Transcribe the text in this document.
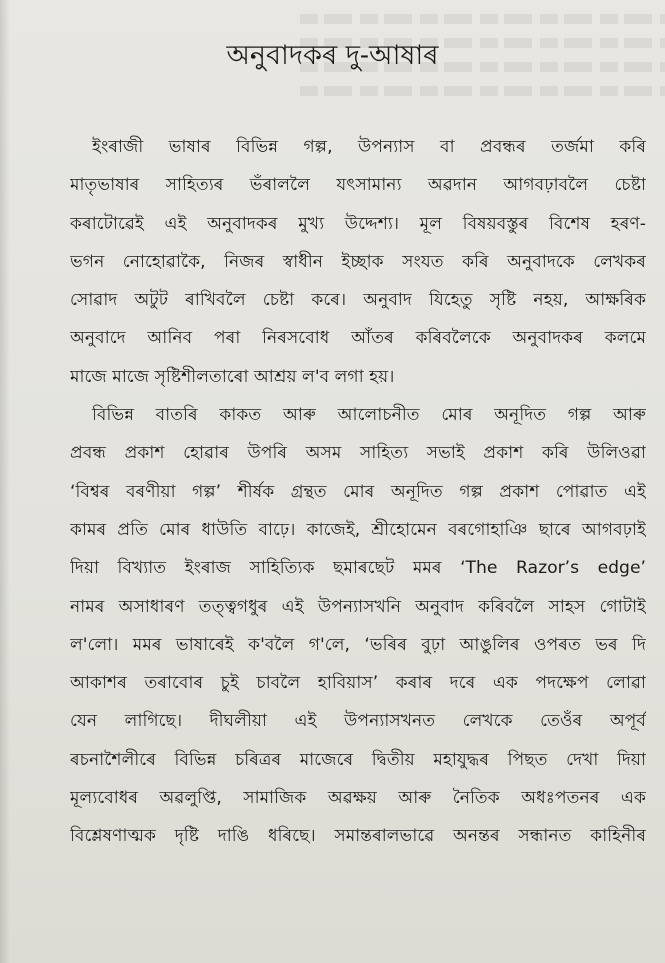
অনুবাদকৰ দু-আষাৰ
ইংৰাজী ভাষাৰ বিভিন্ন গল্প, উপন্যাস বা প্ৰবন্ধৰ তৰ্জমা কৰি
মাতৃভাষাৰ সাহিত্যৰ ভঁৰাললৈ যৎসামান্য অৱদান আগবঢ়াবলৈ চেষ্টা
কৰাটোৱেই এই অনুবাদকৰ মুখ্য উদ্দেশ্য। মূল বিষয়বস্তুৰ বিশেষ হৰণ-
ভগন নোহোৱাকৈ, নিজৰ স্বাধীন ইচ্ছাক সংযত কৰি অনুবাদকে লেখকৰ
সোৱাদ অটুট ৰাখিবলৈ চেষ্টা কৰে। অনুবাদ যিহেতু সৃষ্টি নহয়, আক্ষৰিক
অনুবাদে আনিব পৰা নিৰসবোধ আঁতৰ কৰিবলৈকে অনুবাদকৰ কলমে
মাজে মাজে সৃষ্টিশীলতাৰো আশ্ৰয় ল'ব লগা হয়।
বিভিন্ন বাতৰি কাকত আৰু আলোচনীত মোৰ অনূদিত গল্প আৰু
প্ৰবন্ধ প্ৰকাশ হোৱাৰ উপৰি অসম সাহিত্য সভাই প্ৰকাশ কৰি উলিওৱা
‘বিশ্বৰ বৰণীয়া গল্প’ শীৰ্ষক গ্ৰন্থত মোৰ অনূদিত গল্প প্ৰকাশ পোৱাত এই
কামৰ প্ৰতি মোৰ ধাউতি বাঢ়ে। কাজেই, শ্ৰীহোমেন বৰগোহাঞি ছাৰে আগবঢ়াই
দিয়া বিখ্যাত ইংৰাজ সাহিত্যিক ছমাৰছেট মমৰ ‘The Razor’s edge’
নামৰ অসাধাৰণ তত্ত্বগধুৰ এই উপন্যাসখনি অনুবাদ কৰিবলৈ সাহস গোটাই
ল'লো। মমৰ ভাষাৰেই ক'বলৈ গ'লে, ‘ভৰিৰ বুঢ়া আঙুলিৰ ওপৰত ভৰ দি
আকাশৰ তৰাবোৰ চুই চাবলৈ হাবিয়াস’ কৰাৰ দৰে এক পদক্ষেপ লোৱা
যেন লাগিছে। দীঘলীয়া এই উপন্যাসখনত লেখকে তেওঁৰ অপূৰ্ব
ৰচনাশৈলীৰে বিভিন্ন চৰিত্ৰৰ মাজেৰে দ্বিতীয় মহাযুদ্ধৰ পিছত দেখা দিয়া
মূল্যবোধৰ অৱলুপ্তি, সামাজিক অৱক্ষয় আৰু নৈতিক অধঃপতনৰ এক
বিশ্লেষণাত্মক দৃষ্টি দাঙি ধৰিছে। সমান্তৰালভাৱে অনন্তৰ সন্ধানত কাহিনীৰ
